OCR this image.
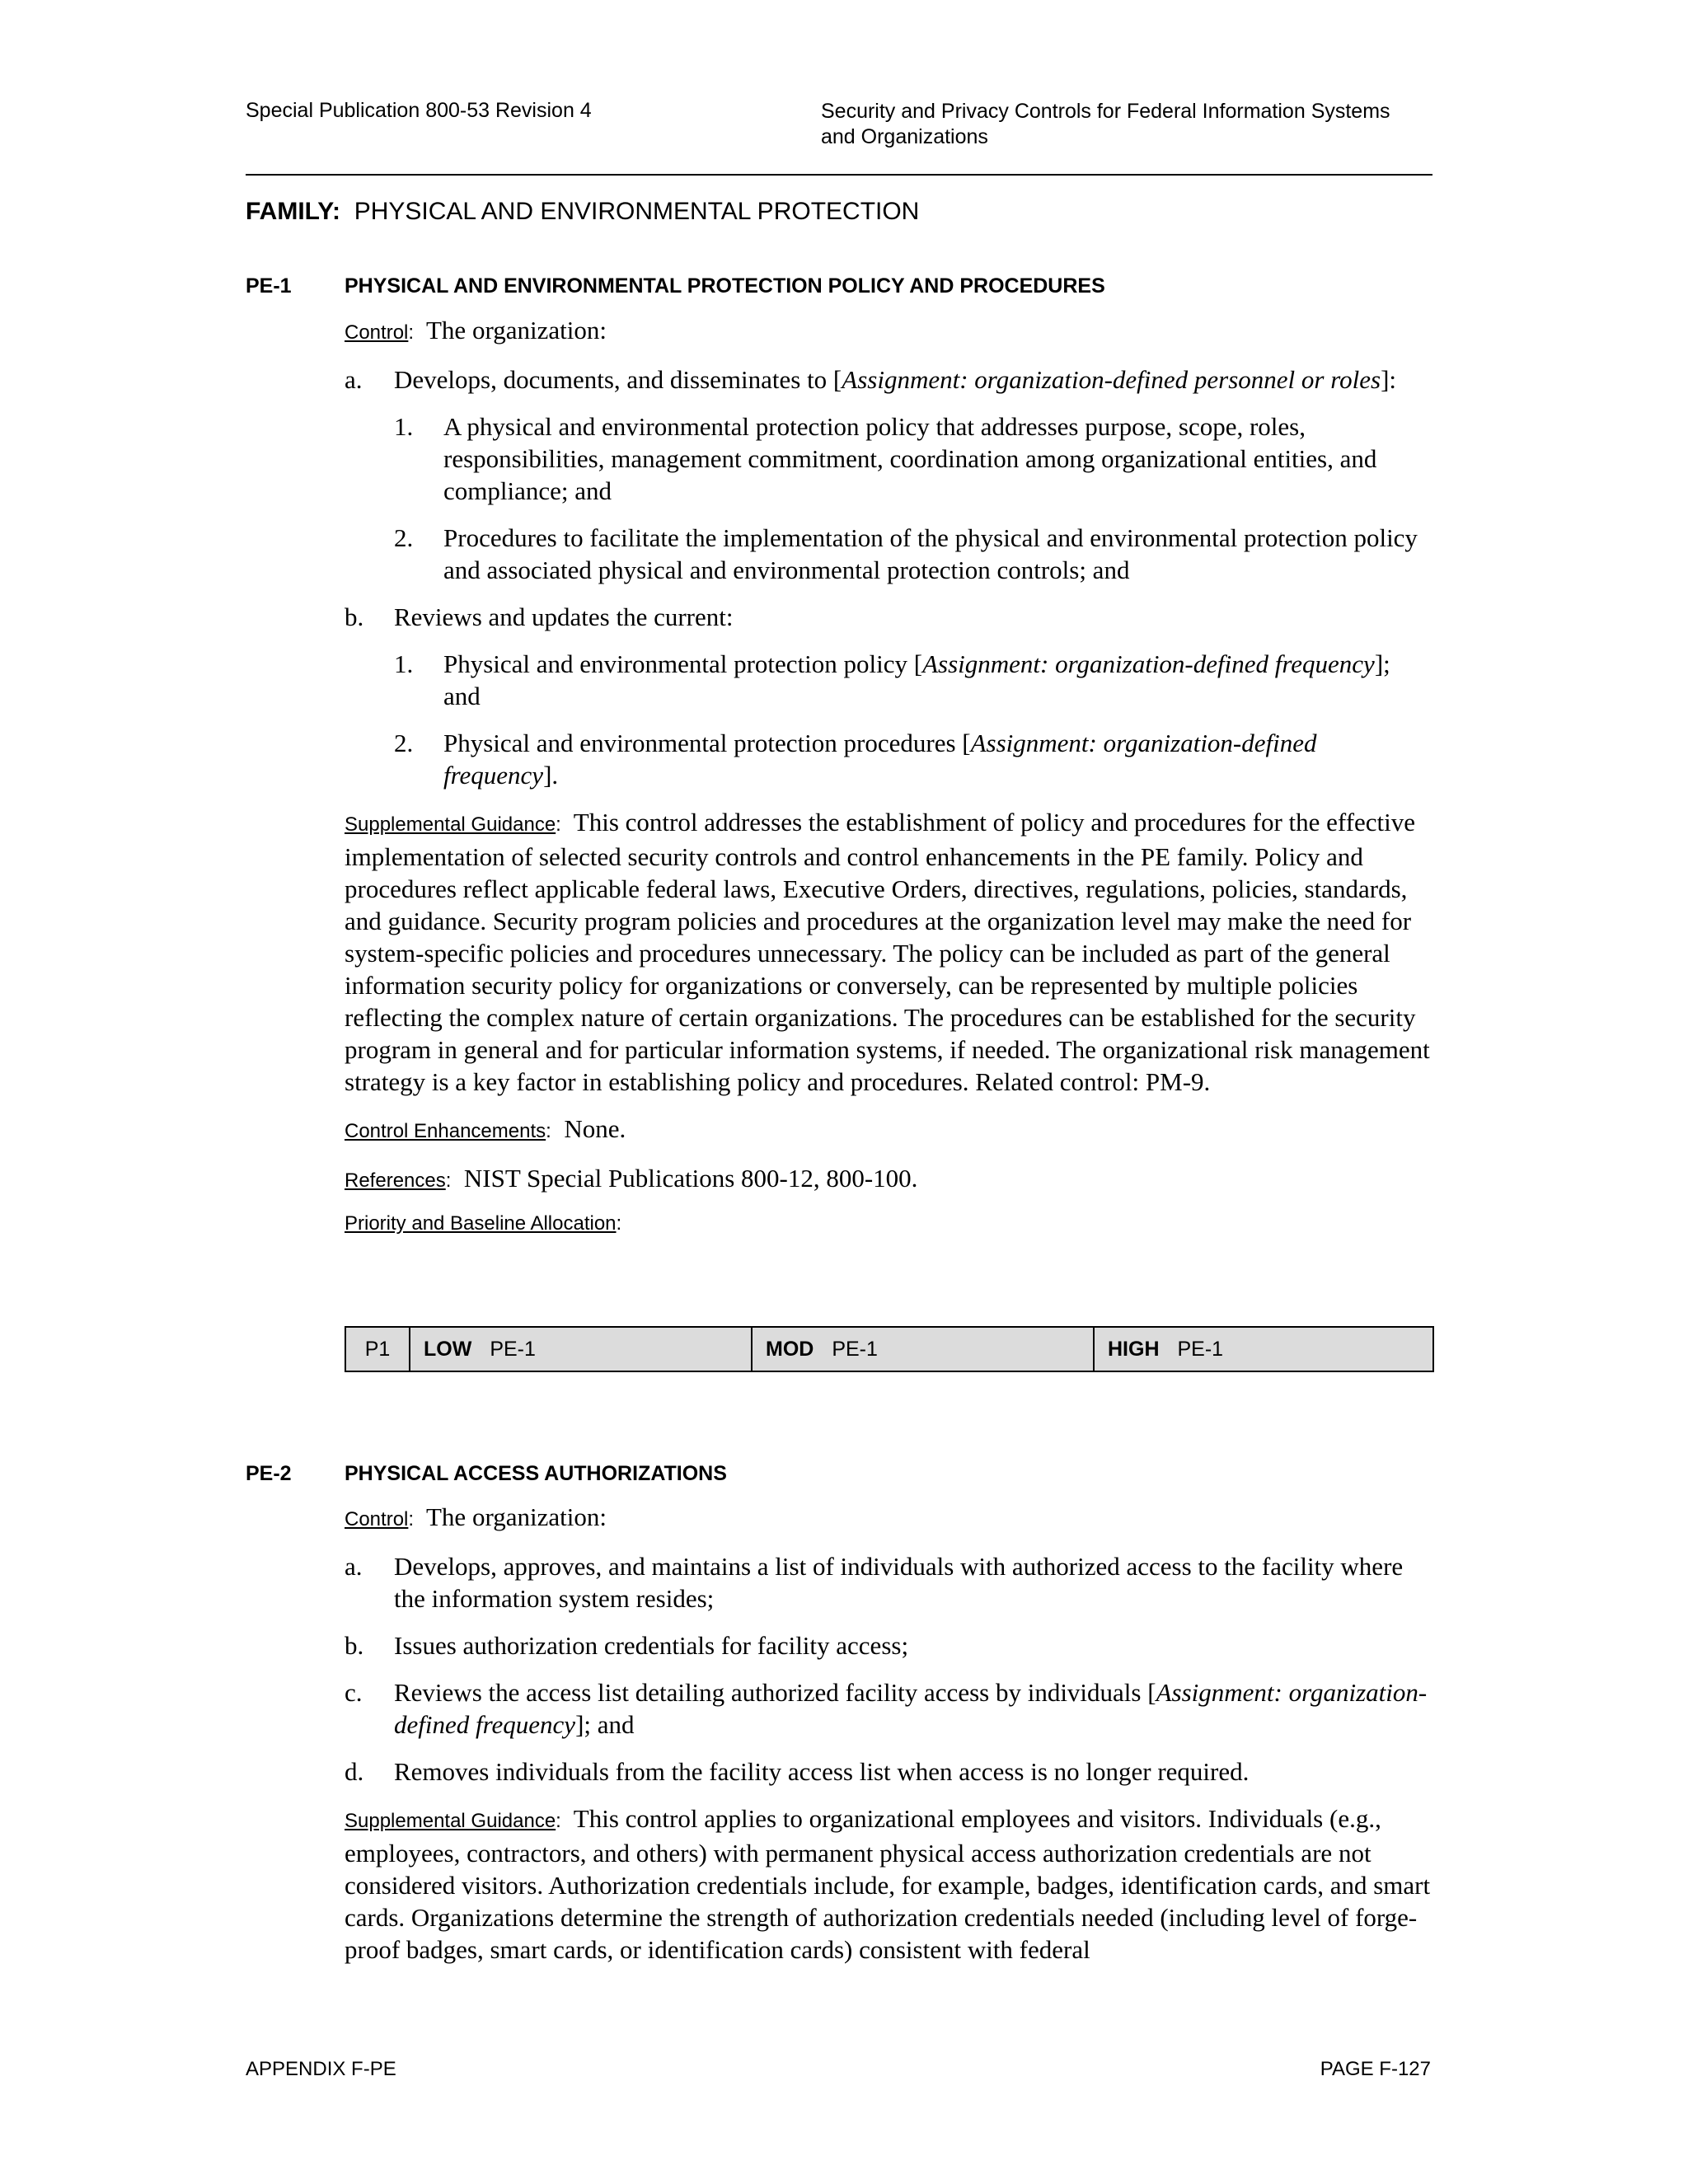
Special Publication 800-53 Revision 4	Security and Privacy Controls for Federal Information Systems
and Organizations
FAMILY: PHYSICAL AND ENVIRONMENTAL PROTECTION
PE-1	PHYSICAL AND ENVIRONMENTAL PROTECTION POLICY AND PROCEDURES

Control: The organization:

a. Develops, documents, and disseminates to [Assignment: organization-defined personnel or roles]:

1. A physical and environmental protection policy that addresses purpose, scope, roles, responsibilities, management commitment, coordination among organizational entities, and compliance; and

2. Procedures to facilitate the implementation of the physical and environmental protection policy and associated physical and environmental protection controls; and

b. Reviews and updates the current:

1. Physical and environmental protection policy [Assignment: organization-defined frequency]; and

2. Physical and environmental protection procedures [Assignment: organization-defined frequency].

Supplemental Guidance: This control addresses the establishment of policy and procedures for the effective implementation of selected security controls and control enhancements in the PE family. Policy and procedures reflect applicable federal laws, Executive Orders, directives, regulations, policies, standards, and guidance. Security program policies and procedures at the organization level may make the need for system-specific policies and procedures unnecessary. The policy can be included as part of the general information security policy for organizations or conversely, can be represented by multiple policies reflecting the complex nature of certain organizations. The procedures can be established for the security program in general and for particular information systems, if needed. The organizational risk management strategy is a key factor in establishing policy and procedures. Related control: PM-9.

Control Enhancements: None.

References: NIST Special Publications 800-12, 800-100.

Priority and Baseline Allocation:

P1	LOW PE-1	MOD PE-1	HIGH PE-1
PE-2	PHYSICAL ACCESS AUTHORIZATIONS

Control: The organization:

a. Develops, approves, and maintains a list of individuals with authorized access to the facility where the information system resides;

b. Issues authorization credentials for facility access;

c. Reviews the access list detailing authorized facility access by individuals [Assignment: organization-defined frequency]; and

d. Removes individuals from the facility access list when access is no longer required.

Supplemental Guidance: This control applies to organizational employees and visitors. Individuals (e.g., employees, contractors, and others) with permanent physical access authorization credentials are not considered visitors. Authorization credentials include, for example, badges, identification cards, and smart cards. Organizations determine the strength of authorization credentials needed (including level of forge-proof badges, smart cards, or identification cards) consistent with federal

APPENDIX F-PE	PAGE F-127
